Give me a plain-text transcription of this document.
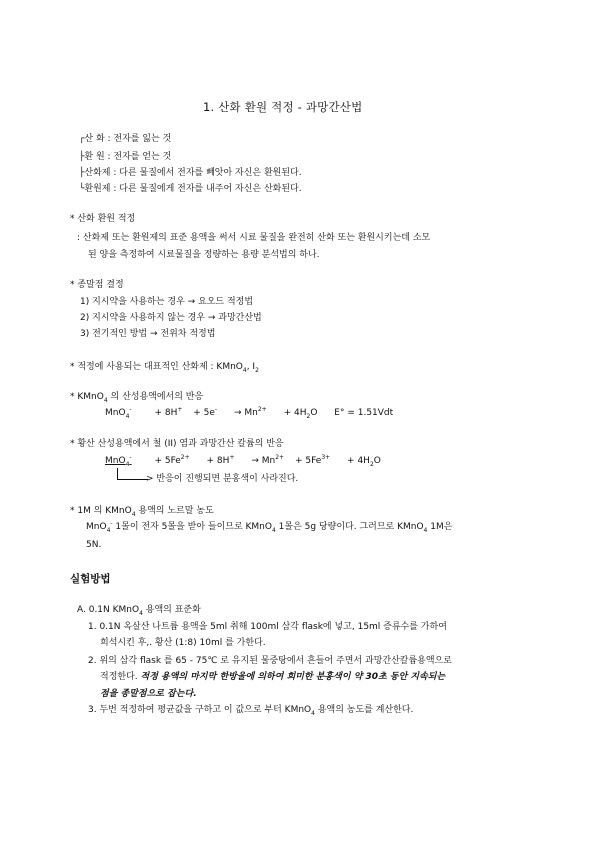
1. 산화 환원 적정 - 과망간산법
┌산 화 : 전자를 잃는 것
├환 원 : 전자를 얻는 것
├산화제 : 다른 물질에서 전자를 빼앗아 자신은 환원된다.
└환원제 : 다른 물질에게 전자를 내주어 자신은 산화된다.
* 산화 환원 적정
: 산화제 또는 환원제의 표준 용액을 써서 시료 물질을 완전히 산화 또는 환원시키는데 소모
된 양을 측정하여 시료물질을 정량하는 용량 분석법의 하나.
* 종말점 결정
1) 지시약을 사용하는 경우 → 요오드 적정법
2) 지시약을 사용하지 않는 경우 → 과망간산법
3) 전기적인 방법 → 전위차 적정법
* 적정에 사용되는 대표적인 산화제 : KMnO$_4$, $I_2$
* KMnO$_4$ 의 산성용액에서의 반응
MnO$_4$-	+ $8H^+ + 5e^- \to Mn^{2+} + 4H_2O$ E° = 1.51Vdt
* 황산 산성용액에서 철 (II) 염과 과망간산 칼륨의 반응
MnO$_4$-	+ $5Fe^{2+} + 8H^+ \to Mn^{2+} + 5Fe^{3+} + 4H_2O$
> 반응이 진행되면 분홍색이 사라진다.
* 1M 의 KMnO$_4$ 용액의 노르말 농도
MnO$_4$- 1몰이 전자 5몰을 받아 들이므로 KMnO$_4$ 1몰은 5g 당량이다. 그러므로 KMnO$_4$ 1M은
5N.
실험방법
A. 0.1N KMnO$_4$ 용액의 표준화
1. 0.1N 옥살산 나트륨 용액을 5ml 취해 100ml 삼각 flask에 넣고, 15ml 증류수를 가하여
희석시킨 후,. 황산 (1:8) 10ml 를 가한다.
2. 위의 삼각 flask 를 65 - 75℃ 로 유지된 물중탕에서 흔들어 주면서 과망간산칼륨용액으로
적정한다. 적정 용액의 마지막 한방울에 의하여 희미한 분홍색이 약 30초 동안 지속되는
점을 종말점으로 잡는다.
3. 두번 적정하여 평균값을 구하고 이 값으로 부터 KMnO$_4$ 용액의 농도를 계산한다.
